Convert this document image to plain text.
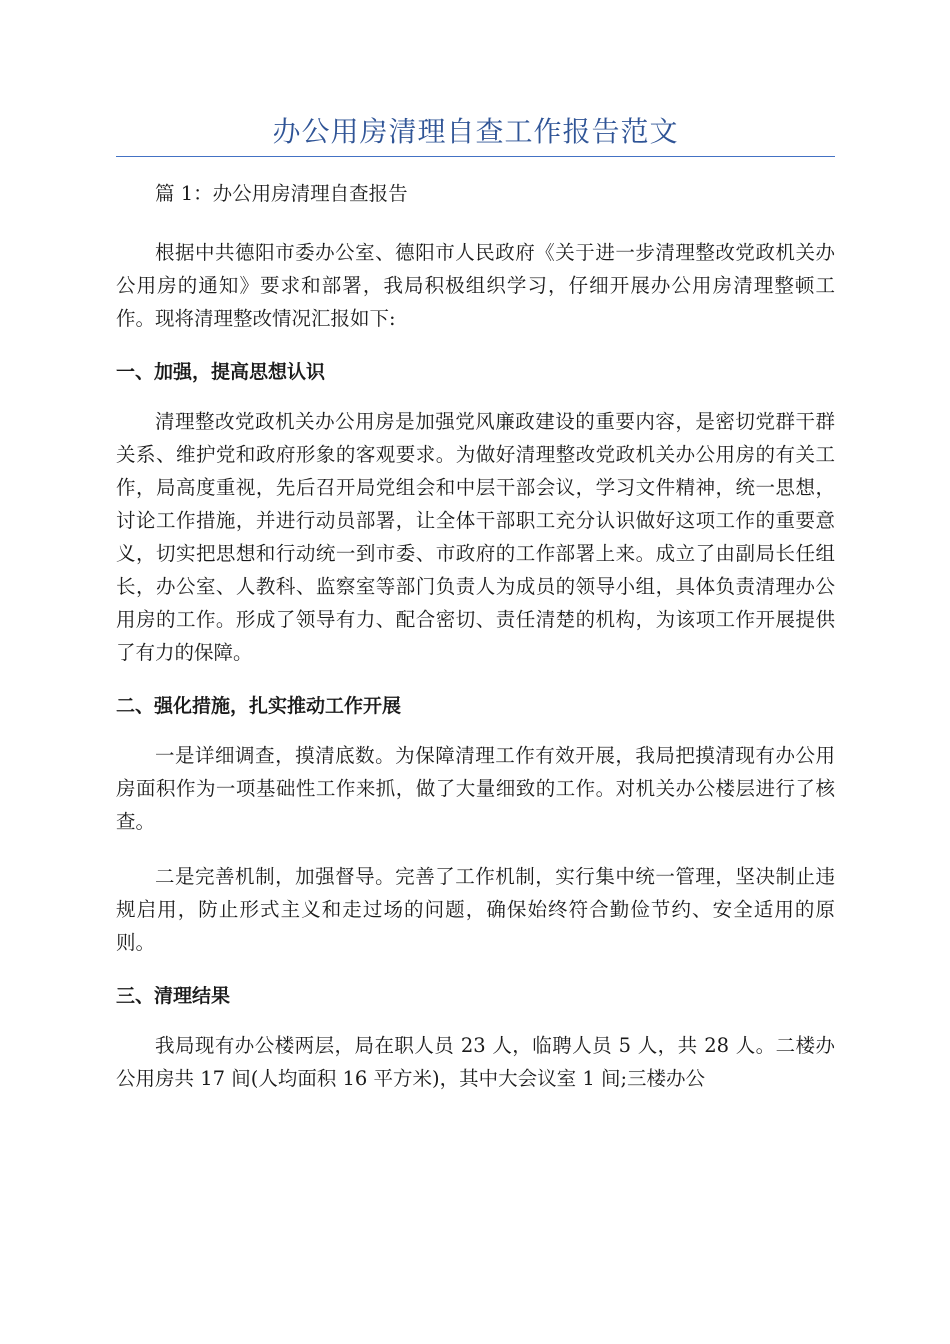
办公用房清理自查工作报告范文

篇 1：办公用房清理自查报告

根据中共德阳市委办公室、德阳市人民政府《关于进一步清理整改党政机关办公用房的通知》要求和部署，我局积极组织学习，仔细开展办公用房清理整顿工作。现将清理整改情况汇报如下:

一、加强，提高思想认识

清理整改党政机关办公用房是加强党风廉政建设的重要内容，是密切党群干群关系、维护党和政府形象的客观要求。为做好清理整改党政机关办公用房的有关工作，局高度重视，先后召开局党组会和中层干部会议，学习文件精神，统一思想，讨论工作措施，并进行动员部署，让全体干部职工充分认识做好这项工作的重要意义，切实把思想和行动统一到市委、市政府的工作部署上来。成立了由副局长任组长，办公室、人教科、监察室等部门负责人为成员的领导小组，具体负责清理办公用房的工作。形成了领导有力、配合密切、责任清楚的机构，为该项工作开展提供了有力的保障。

二、强化措施，扎实推动工作开展

一是详细调查，摸清底数。为保障清理工作有效开展，我局把摸清现有办公用房面积作为一项基础性工作来抓，做了大量细致的工作。对机关办公楼层进行了核查。

二是完善机制，加强督导。完善了工作机制，实行集中统一管理，坚决制止违规启用，防止形式主义和走过场的问题，确保始终符合勤俭节约、安全适用的原则。

三、清理结果

我局现有办公楼两层，局在职人员 23 人，临聘人员 5 人，共 28 人。二楼办公用房共 17 间(人均面积 16 平方米)，其中大会议室 1 间;三楼办公
